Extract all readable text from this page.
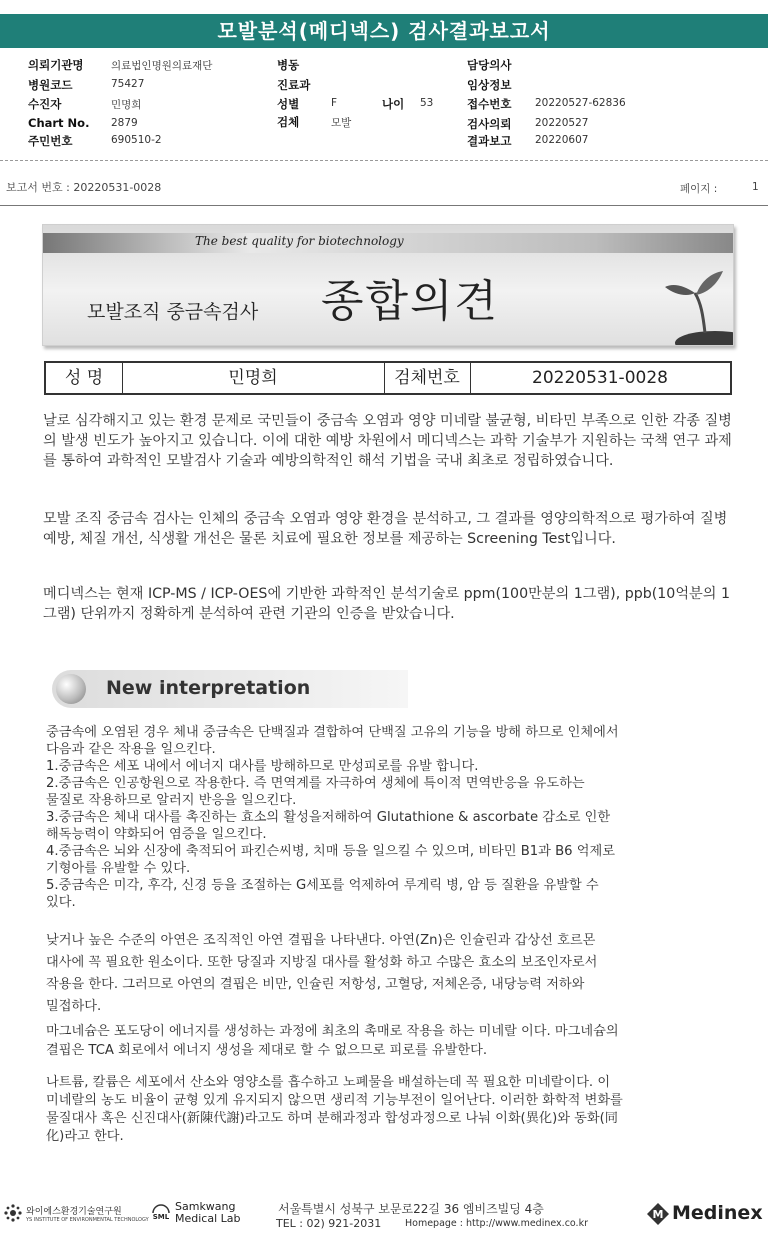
모발분석(메디넥스) 검사결과보고서
의뢰기관명	의료법인명원의료재단
병원코드	75427
수진자	민명희
Chart No. 2879
주민번호	690510-2
병동
진료과
성별	F
검체	모발
나이 53
담당의사
임상정보
접수번호 20220527-62836
검사의뢰 20220527
결과보고 20220607
보고서 번호 : 20220531-0028	페이지 :	1
The best quality for biotechnology
모발조직 중금속검사 종합의견
성 명	민명희	검체번호	20220531-0028

날로 심각해지고 있는 환경 문제로 국민들이 중금속 오염과 영양 미네랄 불균형, 비타민 부족으로 인한 각종 질병의 발생 빈도가 높아지고 있습니다. 이에 대한 예방 차원에서 메디넥스는 과학 기술부가 지원하는 국책 연구 과제를 통하여 과학적인 모발검사 기술과 예방의학적인 해석 기법을 국내 최초로 정립하였습니다.

모발 조직 중금속 검사는 인체의 중금속 오염과 영양 환경을 분석하고, 그 결과를 영양의학적으로 평가하여 질병 예방, 체질 개선, 식생활 개선은 물론 치료에 필요한 정보를 제공하는 Screening Test입니다.

메디넥스는 현재 ICP-MS / ICP-OES에 기반한 과학적인 분석기술로 ppm(100만분의 1그램), ppb(10억분의 1그램) 단위까지 정확하게 분석하여 관련 기관의 인증을 받았습니다.

New interpretation

중금속에 오염된 경우 체내 중금속은 단백질과 결합하여 단백질 고유의 기능을 방해 하므로 인체에서

다음과 같은 작용을 일으킨다.

1.중금속은 세포 내에서 에너지 대사를 방해하므로 만성피로를 유발 합니다.

2.중금속은 인공항원으로 작용한다. 즉 면역계를 자극하여 생체에 특이적 면역반응을 유도하는

물질로 작용하므로 알러지 반응을 일으킨다.

3.중금속은 체내 대사를 촉진하는 효소의 활성을저해하여 Glutathione & ascorbate 감소로 인한

해독능력이 약화되어 염증을 일으킨다.

4.중금속은 뇌와 신장에 축적되어 파킨슨씨병, 치매 등을 일으킬 수 있으며, 비타민 B1과 B6 억제로

기형아를 유발할 수 있다.

5.중금속은 미각, 후각, 신경 등을 조절하는 G세포를 억제하여 루게릭 병, 암 등 질환을 유발할 수

있다.

낮거나 높은 수준의 아연은 조직적인 아연 결핍을 나타낸다. 아연(Zn)은 인슐린과 갑상선 호르몬

대사에 꼭 필요한 원소이다. 또한 당질과 지방질 대사를 활성화 하고 수많은 효소의 보조인자로서

작용을 한다. 그러므로 아연의 결핍은 비만, 인슐린 저항성, 고혈당, 저체온증, 내당능력 저하와

밀접하다.

마그네슘은 포도당이 에너지를 생성하는 과정에 최초의 촉매로 작용을 하는 미네랄 이다. 마그네슘의

결핍은 TCA 회로에서 에너지 생성을 제대로 할 수 없으므로 피로를 유발한다.

나트륨, 칼륨은 세포에서 산소와 영양소를 흡수하고 노폐물을 배설하는데 꼭 필요한 미네랄이다. 이

미네랄의 농도 비율이 균형 있게 유지되지 않으면 생리적 기능부전이 일어난다. 이러한 화학적 변화를

물질대사 혹은 신진대사(新陳代謝)라고도 하며 분해과정과 합성과정으로 나눠 이화(異化)와 동화(同

化)라고 한다.

와이에스환경기술연구원
YS INSTITUTE OF ENVIRONMENTAL TECHNOLOGY SML
Samkwang
Medical Lab
서울특별시 성북구 보문로22길 36 엠비즈빌딩 4층
TEL : 02) 921-2031	Homepage : http://www.medinex.co.kr
M Medinex
